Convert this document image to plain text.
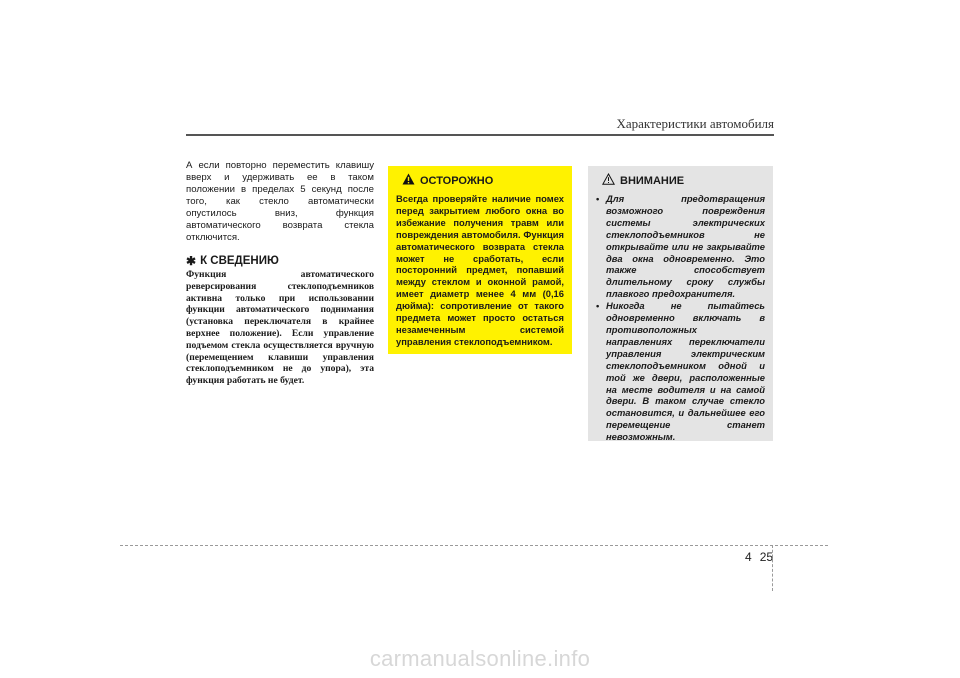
Характеристики автомобиля

А если повторно переместить клавишу вверх и удерживать ее в таком положении в пределах 5 секунд после того, как стекло автоматически опустилось вниз, функция автоматического возврата стекла отключится.

✱ К СВЕДЕНИЮ
Функция автоматического реверсирования стеклоподъемников активна только при использовании функции автоматического поднимания (установка переключателя в крайнее верхнее положение). Если управление подъемом стекла осуществляется вручную (перемещением клавиши управления стеклоподъемником не до упора), эта функция работать не будет.
ОСТОРОЖНО
Всегда проверяйте наличие помех перед закрытием любого окна во избежание получения травм или повреждения автомобиля. Функция автоматического возврата стекла может не сработать, если посторонний предмет, попавший между стеклом и оконной рамой, имеет диаметр менее 4 мм (0,16 дюйма): сопротивление от такого предмета может просто остаться незамеченным системой управления стеклоподъемником.
ВНИМАНИЕ
• Для предотвращения возможного повреждения системы электрических стеклоподъемников не открывайте или не закрывайте два окна одновременно. Это также способствует длительному сроку службы плавкого предохранителя.
• Никогда не пытайтесь одновременно включать в противоположных направлениях переключатели управления электрическим стеклоподъемником одной и той же двери, расположенные на месте водителя и на самой двери. В таком случае стекло остановится, и дальнейшее его перемещение станет невозможным.
4 25
carmanualsonline.info
